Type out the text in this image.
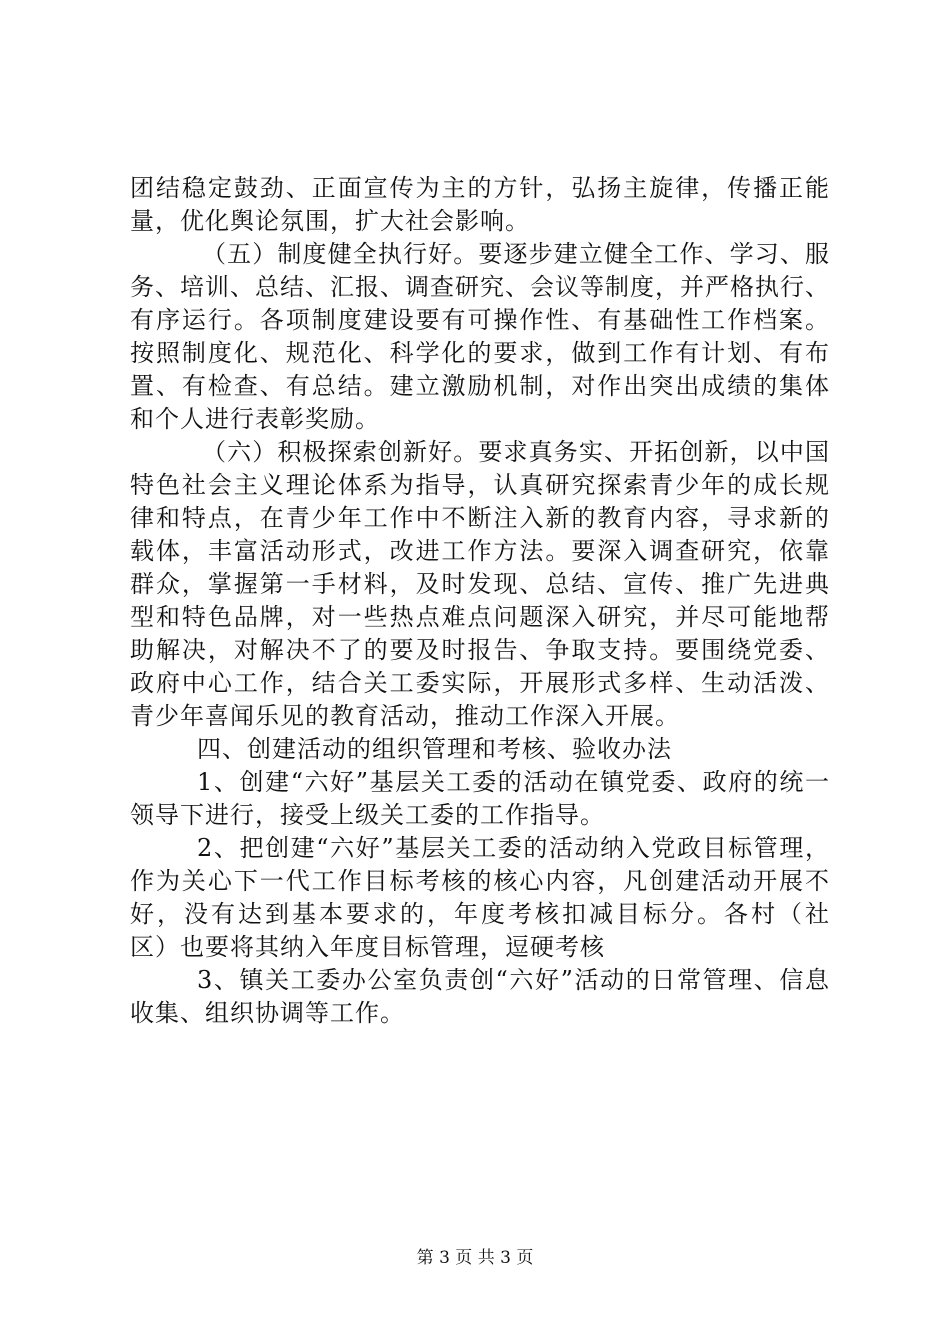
团结稳定鼓劲、正面宣传为主的方针，弘扬主旋律，传播正能
量，优化舆论氛围，扩大社会影响。
（五）制度健全执行好。要逐步建立健全工作、学习、服
务、培训、总结、汇报、调查研究、会议等制度，并严格执行、
有序运行。各项制度建设要有可操作性、有基础性工作档案。
按照制度化、规范化、科学化的要求，做到工作有计划、有布
置、有检查、有总结。建立激励机制，对作出突出成绩的集体
和个人进行表彰奖励。
（六）积极探索创新好。要求真务实、开拓创新，以中国
特色社会主义理论体系为指导，认真研究探索青少年的成长规
律和特点，在青少年工作中不断注入新的教育内容，寻求新的
载体，丰富活动形式，改进工作方法。要深入调查研究，依靠
群众，掌握第一手材料，及时发现、总结、宣传、推广先进典
型和特色品牌，对一些热点难点问题深入研究，并尽可能地帮
助解决，对解决不了的要及时报告、争取支持。要围绕党委、
政府中心工作，结合关工委实际，开展形式多样、生动活泼、
青少年喜闻乐见的教育活动，推动工作深入开展。
四、创建活动的组织管理和考核、验收办法
1、创建“六好”基层关工委的活动在镇党委、政府的统一
领导下进行，接受上级关工委的工作指导。
2、把创建“六好”基层关工委的活动纳入党政目标管理，
作为关心下一代工作目标考核的核心内容，凡创建活动开展不
好，没有达到基本要求的，年度考核扣减目标分。各村（社
区）也要将其纳入年度目标管理，逗硬考核
3、镇关工委办公室负责创“六好”活动的日常管理、信息
收集、组织协调等工作。
第 3 页 共 3 页
